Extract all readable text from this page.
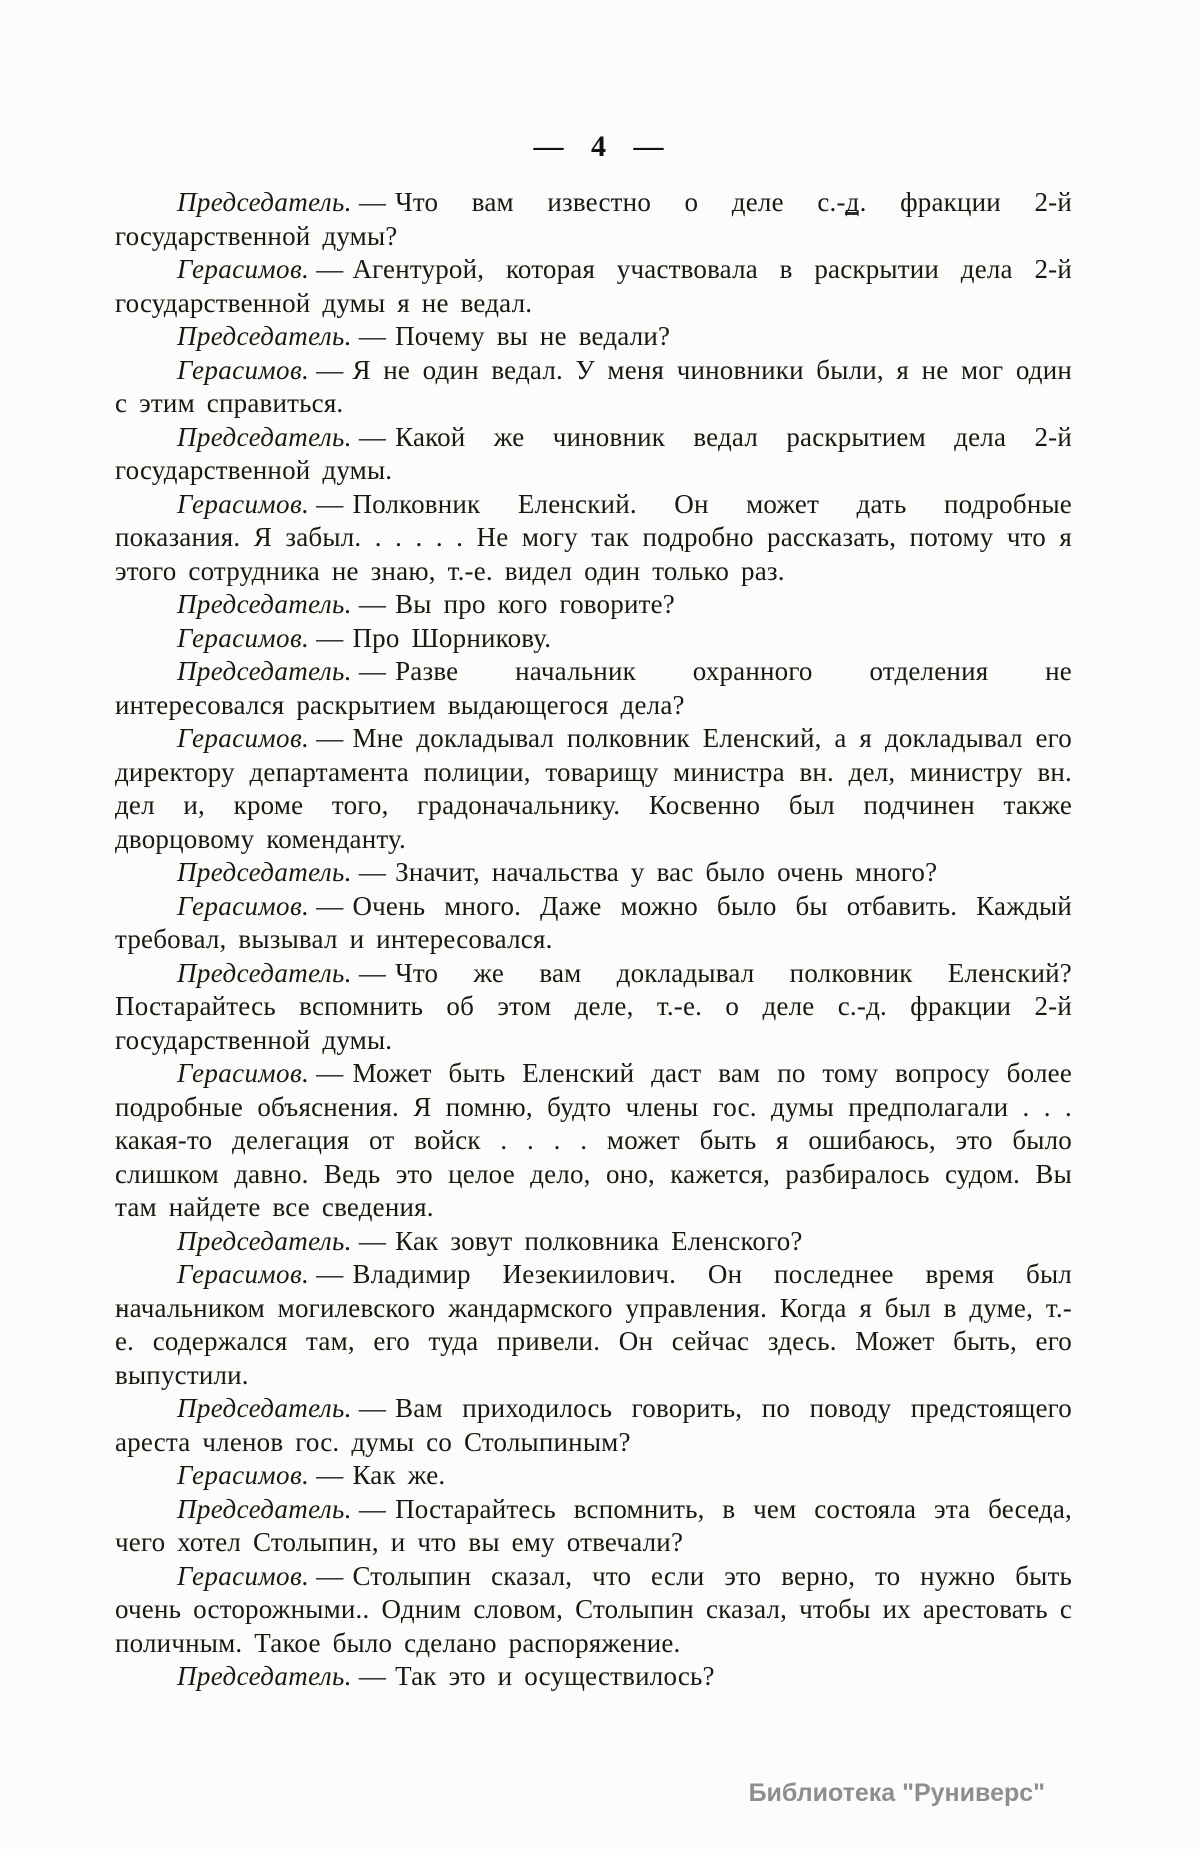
— 4 —

Председатель. — Что вам известно о деле с.-д. фракции 2-й государственной думы?

Герасимов. — Агентурой, которая участвовала в раскрытии дела 2-й государственной думы я не ведал.

Председатель. — Почему вы не ведали?

Герасимов. — Я не один ведал. У меня чиновники были, я не мог один с этим справиться.

Председатель. — Какой же чиновник ведал раскрытием дела 2-й государственной думы.

Герасимов. — Полковник Еленский. Он может дать подробные показания. Я забыл. . . . . . Не могу так подробно рассказать, потому что я этого сотрудника не знаю, т.-е. видел один только раз.

Председатель. — Вы про кого говорите?

Герасимов. — Про Шорникову.

Председатель. — Разве начальник охранного отделения не интересовался раскрытием выдающегося дела?

Герасимов. — Мне докладывал полковник Еленский, а я докладывал его директору департамента полиции, товарищу министра вн. дел, министру вн. дел и, кроме того, градоначальнику. Косвенно был подчинен также дворцовому коменданту.

Председатель. — Значит, начальства у вас было очень много?

Герасимов. — Очень много. Даже можно было бы отбавить. Каждый требовал, вызывал и интересовался.

Председатель. — Что же вам докладывал полковник Еленский? Постарайтесь вспомнить об этом деле, т.-е. о деле с.-д. фракции 2-й государственной думы.

Герасимов. — Может быть Еленский даст вам по тому вопросу более подробные объяснения. Я помню, будто члены гос. думы предполагали . . . какая-то делегация от войск . . . . может быть я ошибаюсь, это было слишком давно. Ведь это целое дело, оно, кажется, разбиралось судом. Вы там найдете все сведения.

Председатель. — Как зовут полковника Еленского?

Герасимов. — Владимир Иезекиилович. Он последнее время был начальником могилевского жандармского управления. Когда я был в думе, т.-е. содержался там, его туда привели. Он сейчас здесь. Может быть, его выпустили.

Председатель. — Вам приходилось говорить, по поводу предстоящего ареста членов гос. думы со Столыпиным?

Герасимов. — Как же.

Председатель. — Постарайтесь вспомнить, в чем состояла эта беседа, чего хотел Столыпин, и что вы ему отвечали?

Герасимов. — Столыпин сказал, что если это верно, то нужно быть очень осторожными.. Одним словом, Столыпин сказал, чтобы их арестовать с поличным. Такое было сделано распоряжение.

Председатель. — Так это и осуществилось?

Библиотека "Руниверс"
